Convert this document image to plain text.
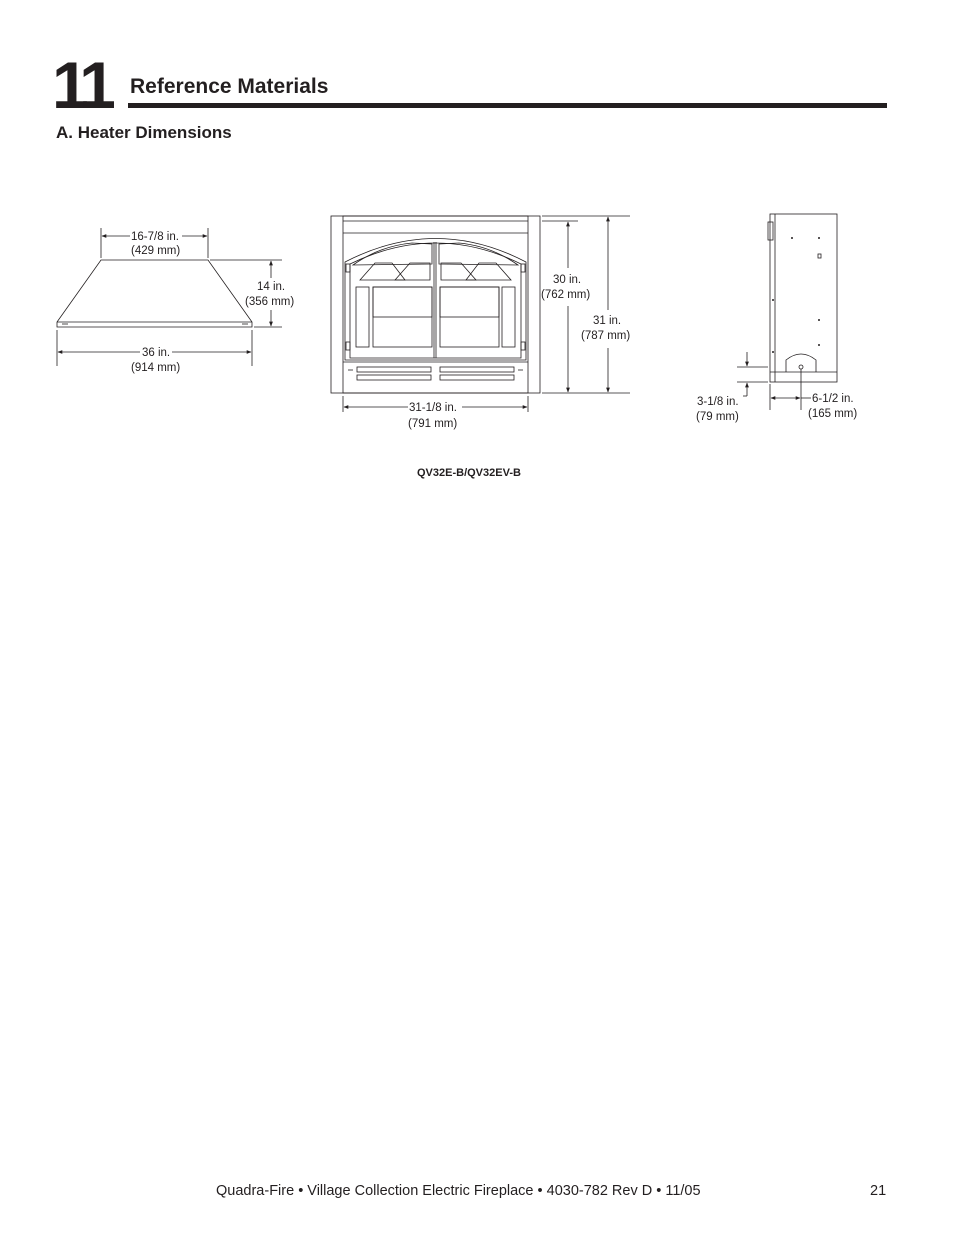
11 Reference Materials
A. Heater Dimensions
16-7/8 in.
(429 mm)
14 in.
(356 mm)
36 in.
(914 mm)
30 in.
(762 mm)
31 in.
(787 mm)
31-1/8 in.
(791 mm)
3-1/8 in.
(79 mm)
6-1/2 in.
(165 mm)
QV32E-B/QV32EV-B
Quadra-Fire • Village Collection Electric Fireplace • 4030-782 Rev D • 11/05	21
